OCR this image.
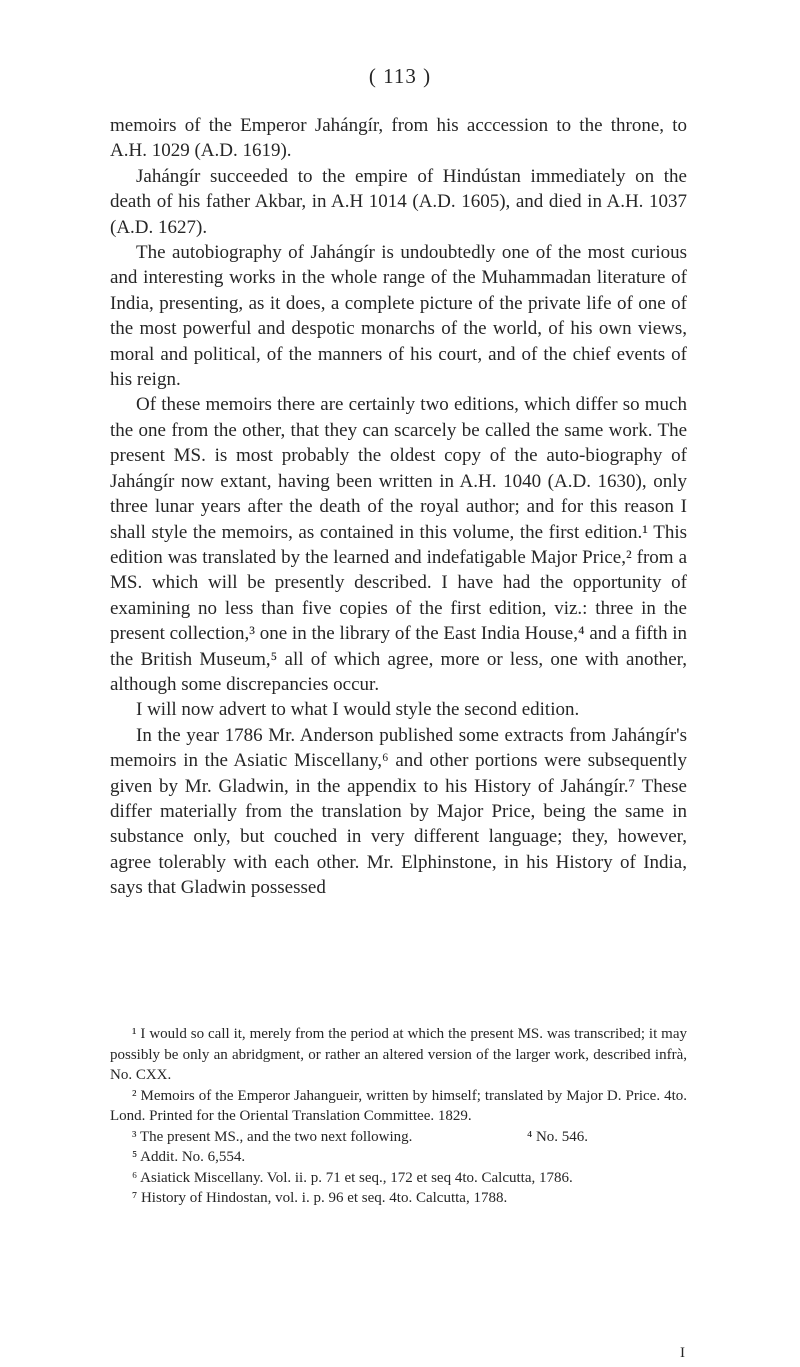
( 113 )

memoirs of the Emperor Jahángír, from his acccession to the throne, to A.H. 1029 (A.D. 1619).

Jahángír succeeded to the empire of Hindústan immediately on the death of his father Akbar, in A.H 1014 (A.D. 1605), and died in A.H. 1037 (A.D. 1627).

The autobiography of Jahángír is undoubtedly one of the most curious and interesting works in the whole range of the Muhammadan literature of India, presenting, as it does, a complete picture of the private life of one of the most powerful and despotic monarchs of the world, of his own views, moral and political, of the manners of his court, and of the chief events of his reign.

Of these memoirs there are certainly two editions, which differ so much the one from the other, that they can scarcely be called the same work. The present MS. is most probably the oldest copy of the auto-biography of Jahángír now extant, having been written in A.H. 1040 (A.D. 1630), only three lunar years after the death of the royal author; and for this reason I shall style the memoirs, as contained in this volume, the first edition.¹ This edition was translated by the learned and indefatigable Major Price,² from a MS. which will be presently described. I have had the opportunity of examining no less than five copies of the first edition, viz.: three in the present collection,³ one in the library of the East India House,⁴ and a fifth in the British Museum,⁵ all of which agree, more or less, one with another, although some discrepancies occur.

I will now advert to what I would style the second edition.

In the year 1786 Mr. Anderson published some extracts from Jahángír's memoirs in the Asiatic Miscellany,⁶ and other portions were subsequently given by Mr. Gladwin, in the appendix to his History of Jahángír.⁷ These differ materially from the translation by Major Price, being the same in substance only, but couched in very different language; they, however, agree tolerably with each other. Mr. Elphinstone, in his History of India, says that Gladwin possessed

¹ I would so call it, merely from the period at which the present MS. was transcribed; it may possibly be only an abridgment, or rather an altered version of the larger work, described infrà, No. CXX.

² Memoirs of the Emperor Jahangueir, written by himself; translated by Major D. Price. 4to. Lond. Printed for the Oriental Translation Committee. 1829.

³ The present MS., and the two next following.	⁴ No. 546.

⁵ Addit. No. 6,554.

⁶ Asiatick Miscellany. Vol. ii. p. 71 et seq., 172 et seq 4to. Calcutta, 1786.

⁷ History of Hindostan, vol. i. p. 96 et seq. 4to. Calcutta, 1788.

I
